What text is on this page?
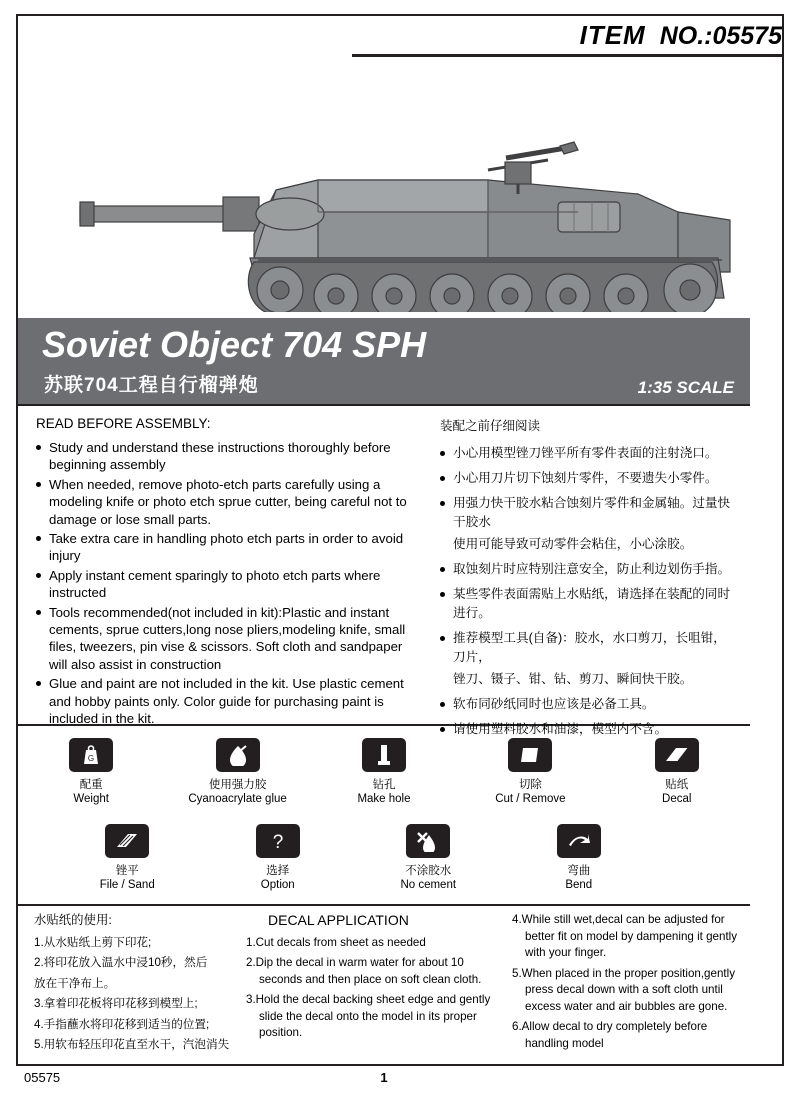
ITEM NO.:05575
Soviet Object 704 SPH
苏联704工程自行榴弹炮	1:35 SCALE
READ BEFORE ASSEMBLY:
Study and understand these instructions thoroughly before beginning assembly
When needed, remove photo-etch parts carefully using a modeling knife or photo etch sprue cutter, being careful not to damage or lose small parts.
Take extra care in handling photo etch parts in order to avoid injury
Apply instant cement sparingly to photo etch parts where instructed
Tools recommended(not included in kit):Plastic and instant cements, sprue cutters,long nose pliers,modeling knife, small files, tweezers, pin vise & scissors. Soft cloth and sandpaper will also assist in construction
Glue and paint are not included in the kit. Use plastic cement and hobby paints only. Color guide for purchasing paint is included in the kit.
装配之前仔细阅读
小心用模型锉刀锉平所有零件表面的注射浇口。
小心用刀片切下蚀刻片零件，不要遗失小零件。
用强力快干胶水粘合蚀刻片零件和金属轴。过量快干胶水
使用可能导致可动零件会粘住，小心涂胶。
取蚀刻片时应特别注意安全，防止利边划伤手指。
某些零件表面需贴上水贴纸，请选择在装配的同时进行。
推荐模型工具(自备)：胶水，水口剪刀，长咀钳，刀片，
锉刀、镊子、钳、钻、剪刀、瞬间快干胶。
软布同砂纸同时也应该是必备工具。
请使用塑料胶水和油漆，模型内不含。
G
配重
Weight
使用强力胶
Cyanoacrylate glue
钻孔
Make hole
切除
Cut / Remove
贴纸
Decal
锉平
File / Sand
?
选择
Option
不涂胶水
No cement
弯曲
Bend
水贴纸的使用:

1.从水贴纸上剪下印花;

2.将印花放入温水中浸10秒，然后

放在干净布上。

3.拿着印花板将印花移到模型上;

4.手指蘸水将印花移到适当的位置;

5.用软布轻压印花直至水干，汽泡消失

DECAL APPLICATION

1.Cut decals from sheet as needed

2.Dip the decal in warm water for about 10 seconds and then place on soft clean cloth.

3.Hold the decal backing sheet edge and gently slide the decal onto the model in its proper position.

4.While still wet,decal can be adjusted for better fit on model by dampening it gently with your finger.

5.When placed in the proper position,gently press decal down with a soft cloth until excess water and air bubbles are gone.

6.Allow decal to dry completely before handling model

05575	1
